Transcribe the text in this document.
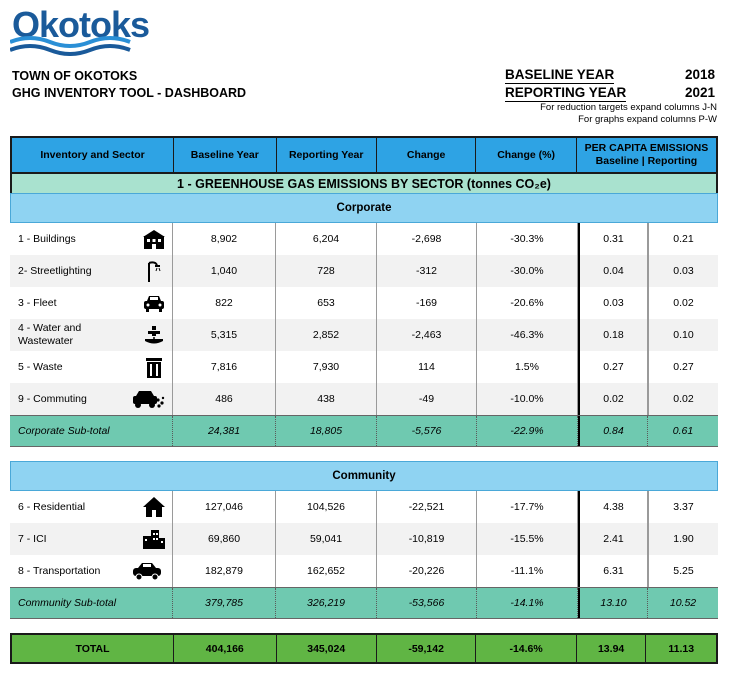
Okotoks
TOWN OF OKOTOKS
GHG INVENTORY TOOL - DASHBOARD
BASELINE YEAR	2018
REPORTING YEAR	2021
For reduction targets expand columns J-N
For graphs expand columns P-W
Inventory and Sector	Baseline Year	Reporting Year	Change	Change (%)
PER CAPITA EMISSIONS
Baseline | Reporting
1 - GREENHOUSE GAS EMISSIONS BY SECTOR (tonnes CO₂e)
Corporate
1 - Buildings	8,902	6,204	-2,698	-30.3%	0.31	0.21
2- Streetlighting	1,040	728	-312	-30.0%	0.04	0.03
3 - Fleet	822	653	-169	-20.6%	0.03	0.02
4 - Water and Wastewater	5,315	2,852	-2,463	-46.3%	0.18	0.10
5 - Waste	7,816	7,930	114	1.5%	0.27	0.27
9 - Commuting	486	438	-49	-10.0%	0.02	0.02
Corporate Sub-total	24,381	18,805	-5,576	-22.9%	0.84	0.61
Community
6 - Residential	127,046	104,526	-22,521	-17.7%	4.38	3.37
7 - ICI	69,860	59,041	-10,819	-15.5%	2.41	1.90
8 - Transportation	182,879	162,652	-20,226	-11.1%	6.31	5.25
Community Sub-total	379,785	326,219	-53,566	-14.1%	13.10	10.52
TOTAL	404,166	345,024	-59,142	-14.6%	13.94	11.13
